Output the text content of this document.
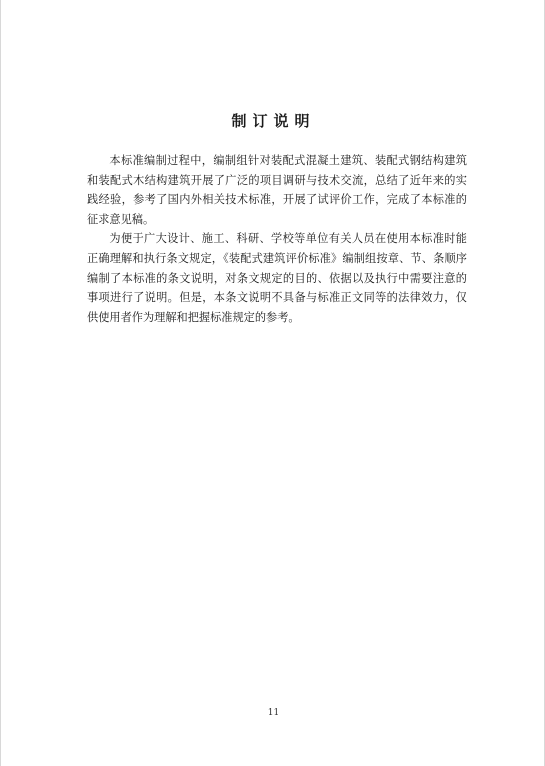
制订说明

本标准编制过程中，编制组针对装配式混凝土建筑、装配式钢结构建筑和装配式木结构建筑开展了广泛的项目调研与技术交流，总结了近年来的实践经验，参考了国内外相关技术标准，开展了试评价工作，完成了本标准的征求意见稿。

为便于广大设计、施工、科研、学校等单位有关人员在使用本标准时能正确理解和执行条文规定，《装配式建筑评价标准》编制组按章、节、条顺序编制了本标准的条文说明，对条文规定的目的、依据以及执行中需要注意的事项进行了说明。但是，本条文说明不具备与标准正文同等的法律效力，仅供使用者作为理解和把握标准规定的参考。

11
